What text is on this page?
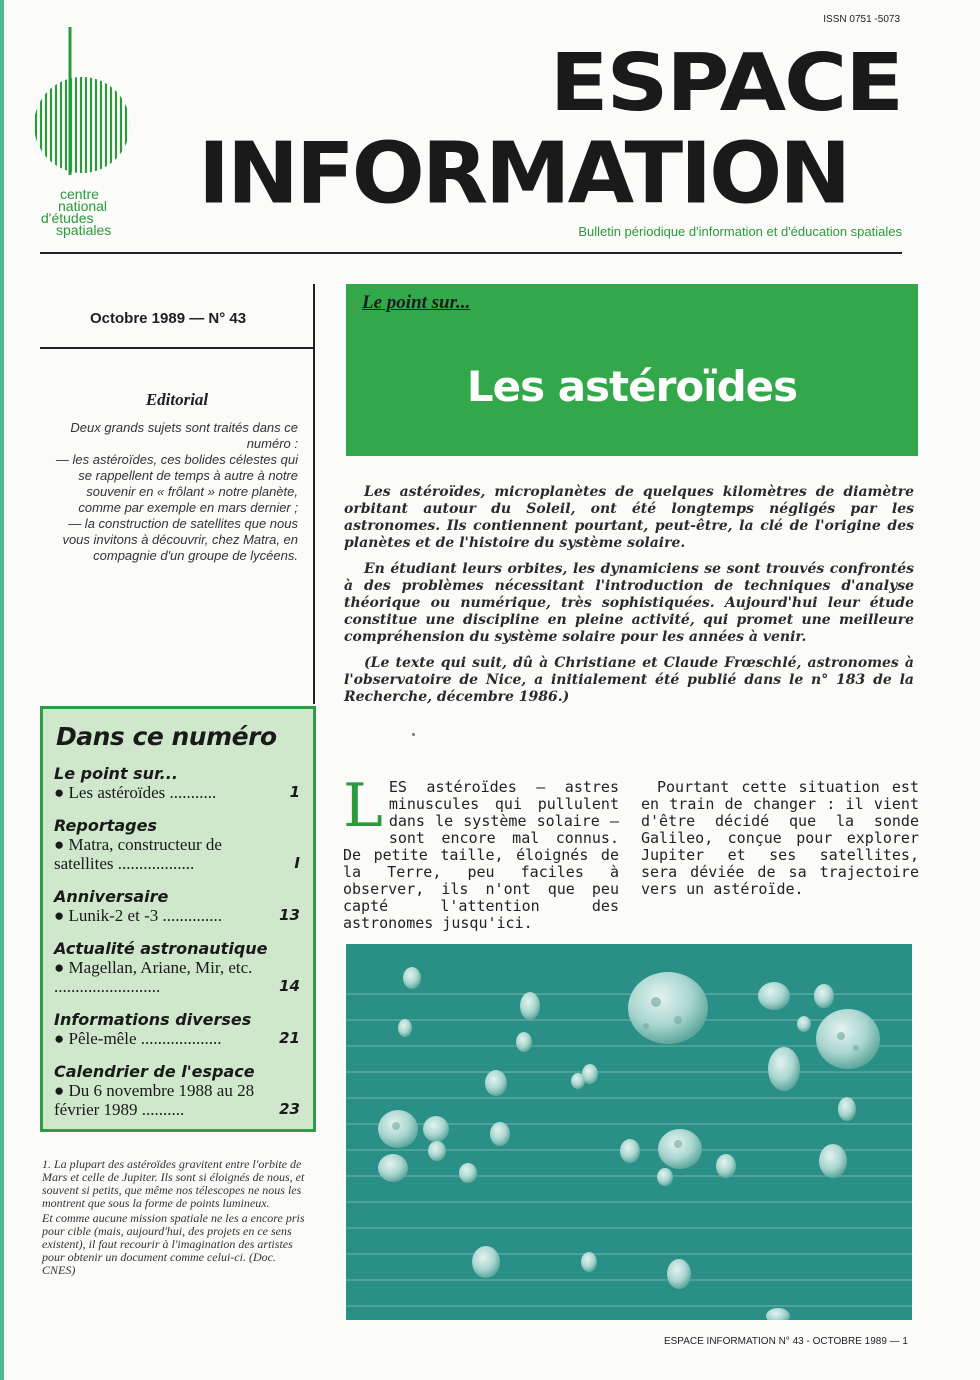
centre
national
d'études
spatiales
ISSN 0751 -5073
ESPACE
INFORMATION
Bulletin périodique d'information et d'éducation spatiales
Octobre 1989 — N° 43
Editorial

Deux grands sujets sont traités dans ce numéro :

— les astéroïdes, ces bolides célestes qui se rappellent de temps à autre à notre souvenir en « frôlant » notre planète, comme par exemple en mars dernier ;

— la construction de satellites que nous vous invitons à découvrir, chez Matra, en compagnie d'un groupe de lycéens.

Le point sur...
Les astéroïdes

Les astéroïdes, microplanètes de quelques kilomètres de diamètre orbitant autour du Soleil, ont été longtemps négligés par les astronomes. Ils contiennent pourtant, peut-être, la clé de l'origine des planètes et de l'histoire du système solaire.

En étudiant leurs orbites, les dynamiciens se sont trouvés confrontés à des problèmes nécessitant l'introduction de techniques d'analyse théorique ou numérique, très sophistiquées. Aujourd'hui leur étude constitue une discipline en pleine activité, qui promet une meilleure compréhension du système solaire pour les années à venir.

(Le texte qui suit, dû à Christiane et Claude Frœschlé, astronomes à l'observatoire de Nice, a initialement été publié dans le n° 183 de la Recherche, décembre 1986.)

LES astéroïdes — astres minuscules qui pullulent dans le système solaire — sont encore mal connus. De petite taille, éloignés de la Terre, peu faciles à observer, ils n'ont que peu capté l'attention des astronomes jusqu'ici.
Pourtant cette situation est en train de changer : il vient d'être décidé que la sonde Galileo, conçue pour explorer Jupiter et ses satellites, sera déviée de sa trajectoire vers un astéroïde.
Dans ce numéro
Le point sur...
● Les astéroïdes ...........	1
Reportages
● Matra, constructeur de satellites ..................	I
Anniversaire
● Lunik-2 et -3 ..............	13
Actualité astronautique
● Magellan, Ariane, Mir, etc. .........................	14
Informations diverses
● Pêle-mêle ...................	21
Calendrier de l'espace
● Du 6 novembre 1988 au 28 février 1989 ..........	23

1. La plupart des astéroïdes gravitent entre l'orbite de Mars et celle de Jupiter. Ils sont si éloignés de nous, et souvent si petits, que même nos télescopes ne nous les montrent que sous la forme de points lumineux.

Et comme aucune mission spatiale ne les a encore pris pour cible (mais, aujourd'hui, des projets en ce sens existent), il faut recourir à l'imagination des artistes pour obtenir un document comme celui-ci. (Doc. CNES)

ESPACE INFORMATION N° 43 - OCTOBRE 1989 — 1
